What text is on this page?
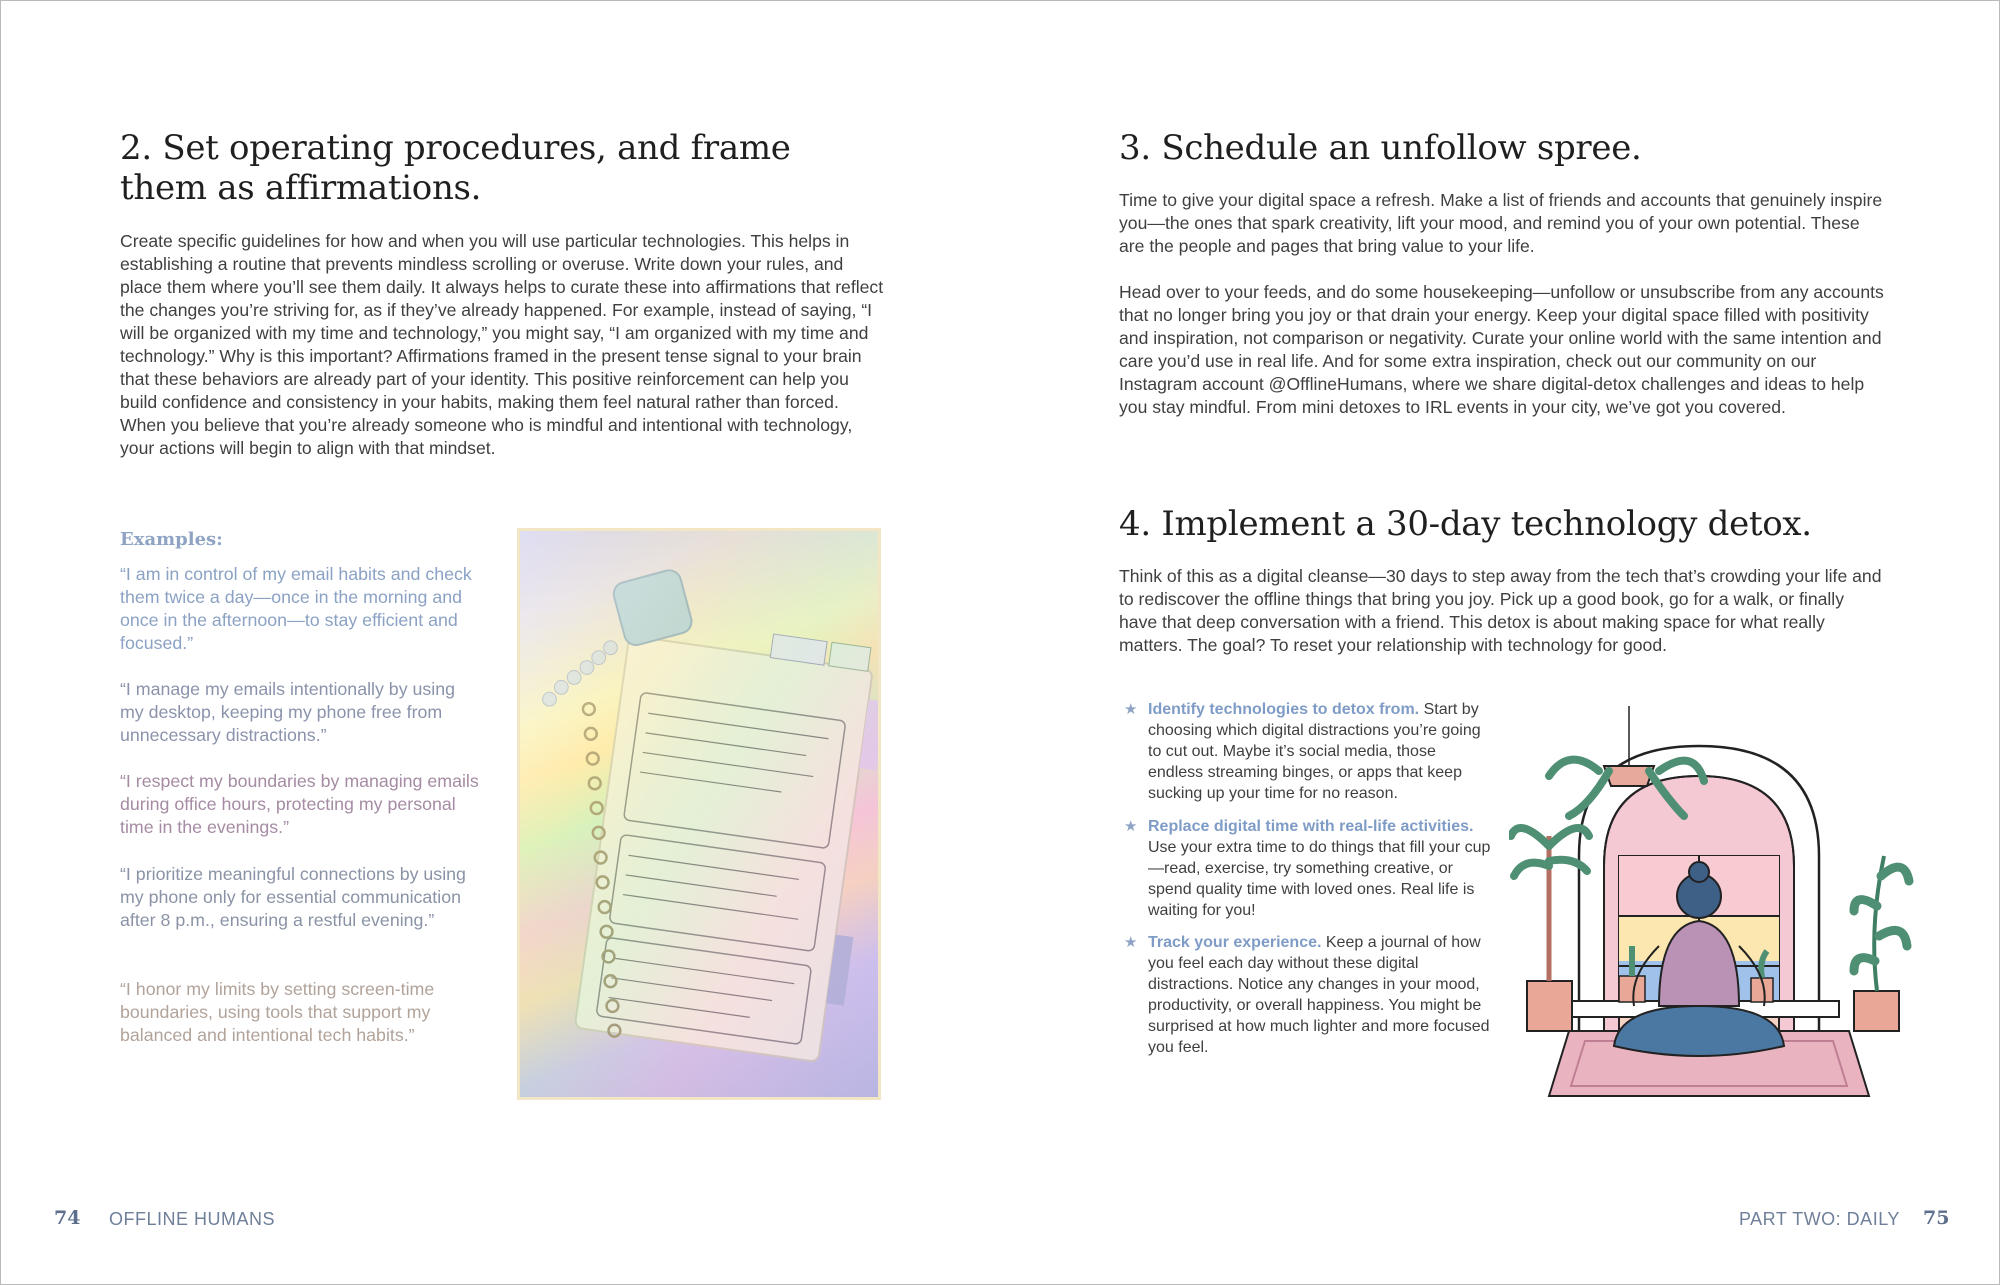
2. Set operating procedures, and frame them as affirmations.

Create specific guidelines for how and when you will use particular technologies. This helps in establishing a routine that prevents mindless scrolling or overuse. Write down your rules, and place them where you’ll see them daily. It always helps to curate these into affirmations that reflect the changes you’re striving for, as if they’ve already happened. For example, instead of saying, “I will be organized with my time and technology,” you might say, “I am organized with my time and technology.” Why is this important? Affirmations framed in the present tense signal to your brain that these behaviors are already part of your identity. This positive reinforcement can help you build confidence and consistency in your habits, making them feel natural rather than forced. When you believe that you’re already someone who is mindful and intentional with technology, your actions will begin to align with that mindset.

Examples:

“I am in control of my email habits and check them twice a day—once in the morning and once in the afternoon—to stay efficient and focused.”

“I manage my emails intentionally by using my desktop, keeping my phone free from unnecessary distractions.”

“I respect my boundaries by managing emails during office hours, protecting my personal time in the evenings.”

“I prioritize meaningful connections by using my phone only for essential communication after 8 p.m., ensuring a restful evening.”

“I honor my limits by setting screen-time boundaries, using tools that support my balanced and intentional tech habits.”

74 OFFLINE HUMANS
3. Schedule an unfollow spree.

Time to give your digital space a refresh. Make a list of friends and accounts that genuinely inspire you—the ones that spark creativity, lift your mood, and remind you of your own potential. These are the people and pages that bring value to your life.

Head over to your feeds, and do some housekeeping—unfollow or unsubscribe from any accounts that no longer bring you joy or that drain your energy. Keep your digital space filled with positivity and inspiration, not comparison or negativity. Curate your online world with the same intention and care you’d use in real life. And for some extra inspiration, check out our community on our Instagram account @OfflineHumans, where we share digital-detox challenges and ideas to help you stay mindful. From mini detoxes to IRL events in your city, we’ve got you covered.

4. Implement a 30-day technology detox.

Think of this as a digital cleanse—30 days to step away from the tech that’s crowding your life and to rediscover the offline things that bring you joy. Pick up a good book, go for a walk, or finally have that deep conversation with a friend. This detox is about making space for what really matters. The goal? To reset your relationship with technology for good.

★ Identify technologies to detox from. Start by choosing which digital distractions you’re going to cut out. Maybe it’s social media, those endless streaming binges, or apps that keep sucking up your time for no reason.
★ Replace digital time with real-life activities. Use your extra time to do things that fill your cup—read, exercise, try something creative, or spend quality time with loved ones. Real life is waiting for you!
★ Track your experience. Keep a journal of how you feel each day without these digital distractions. Notice any changes in your mood, productivity, or overall happiness. You might be surprised at how much lighter and more focused you feel.
PART TWO: DAILY 75
